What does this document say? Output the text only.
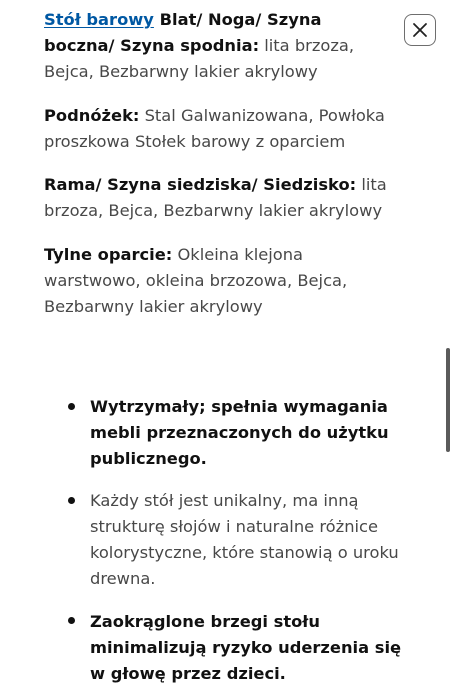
Stół barowy Blat/ Noga/ Szyna boczna/ Szyna spodnia: lita brzoza, Bejca, Bezbarwny lakier akrylowy
Podnóżek: Stal Galwanizowana, Powłoka proszkowa Stołek barowy z oparciem
Rama/ Szyna siedziska/ Siedzisko: lita brzoza, Bejca, Bezbarwny lakier akrylowy
Tylne oparcie: Okleina klejona warstwowo, okleina brzozowa, Bejca, Bezbarwny lakier akrylowy
Wytrzymały; spełnia wymagania mebli przeznaczonych do użytku publicznego.
Każdy stół jest unikalny, ma inną strukturę słojów i naturalne różnice kolorystyczne, które stanowią o uroku drewna.
Zaokrąglone brzegi stołu minimalizują ryzyko uderzenia się w głowę przez dzieci.
